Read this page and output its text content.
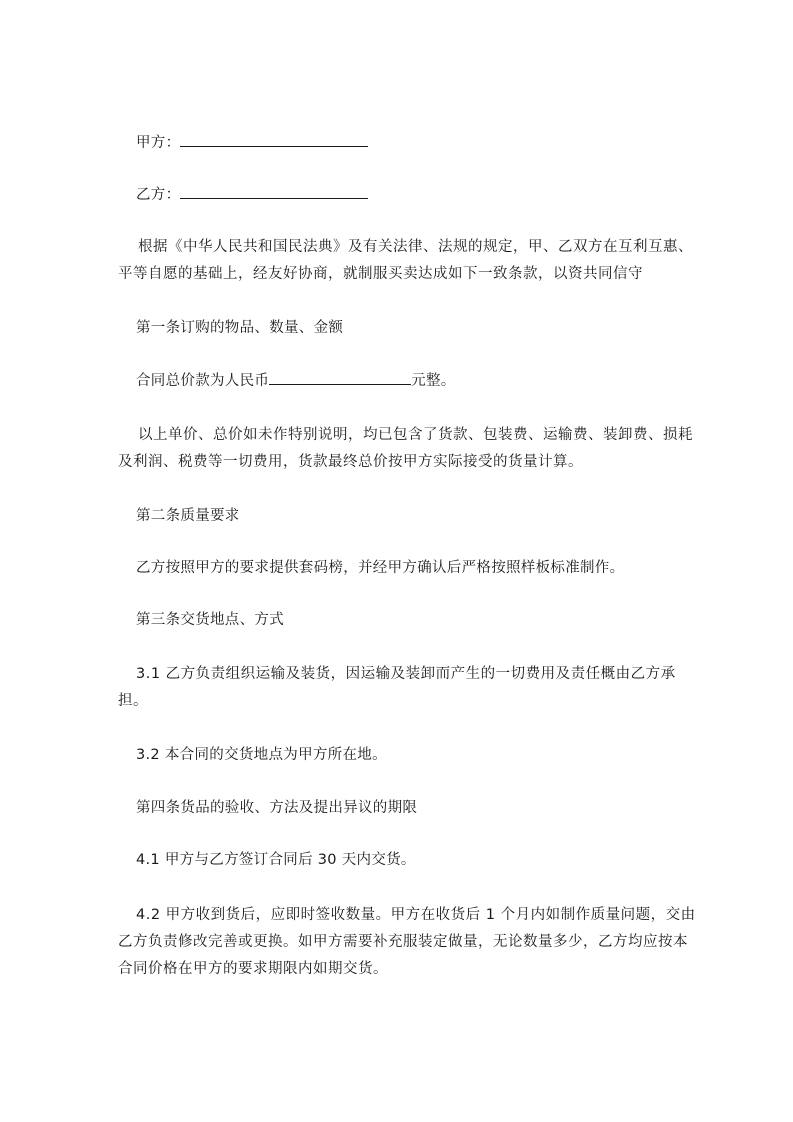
甲方：
乙方：
根据《中华人民共和国民法典》及有关法律、法规的规定，甲、乙双方在互利互惠、平等自愿的基础上，经友好协商，就制服买卖达成如下一致条款，以资共同信守
第一条订购的物品、数量、金额
合同总价款为人民币	元整。
以上单价、总价如未作特别说明，均已包含了货款、包装费、运输费、装卸费、损耗及利润、税费等一切费用，货款最终总价按甲方实际接受的货量计算。
第二条质量要求
乙方按照甲方的要求提供套码榜，并经甲方确认后严格按照样板标准制作。
第三条交货地点、方式
3.1 乙方负责组织运输及装货，因运输及装卸而产生的一切费用及责任概由乙方承担。
3.2 本合同的交货地点为甲方所在地。
第四条货品的验收、方法及提出异议的期限
4.1 甲方与乙方签订合同后 30 天内交货。
4.2 甲方收到货后，应即时签收数量。甲方在收货后 1 个月内如制作质量问题，交由乙方负责修改完善或更换。如甲方需要补充服装定做量，无论数量多少，乙方均应按本合同价格在甲方的要求期限内如期交货。
